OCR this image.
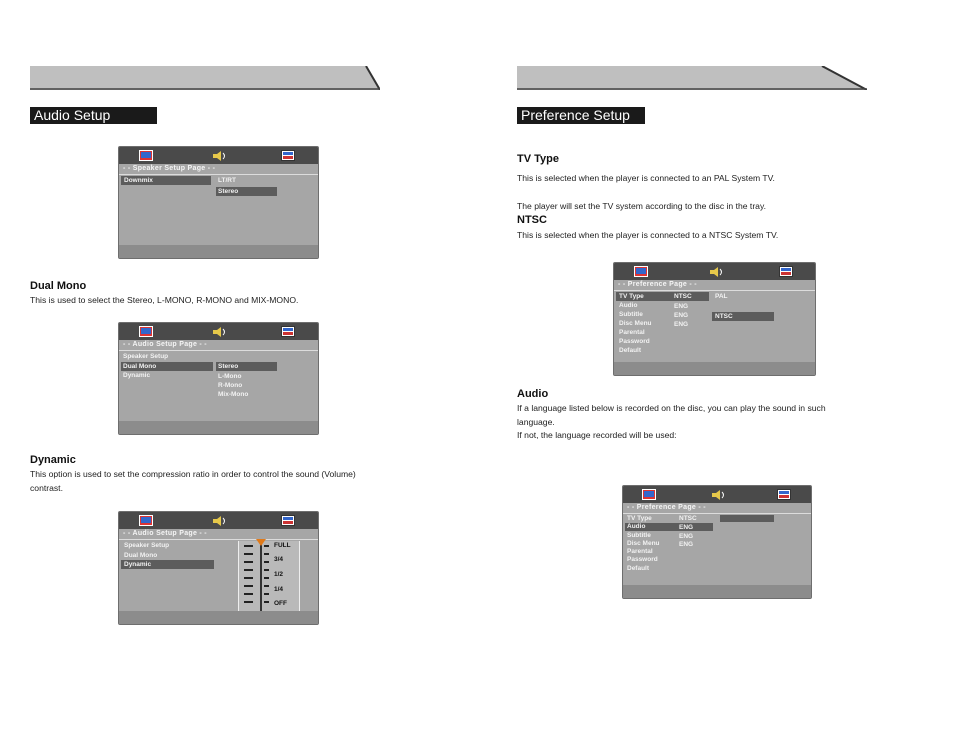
Audio Setup
- - Speaker Setup Page - -
Downmix	LT/RT
Stereo
Dual Mono
This is used to select the Stereo, L-MONO, R-MONO and MIX-MONO.
- - Audio Setup Page - -
Speaker Setup
Dual Mono
Dynamic
Stereo
L-Mono
R-Mono
Mix-Mono
Dynamic
This option is used to set the compression ratio in order to control the sound (Volume)
contrast.
- - Audio Setup Page - -
Speaker Setup
Dual Mono
Dynamic
FULL
3/4
1/2
1/4
OFF
Preference Setup
TV Type
This is selected when the player is connected to an PAL System TV.
The player will set the TV system according to the disc in the tray.
NTSC
This is selected when the player is connected to a NTSC System TV.
- - Preference Page - -
TV Type
Audio
Subtitle
Disc Menu
Parental
Password
Default
NTSC
ENG
ENG
ENG
PAL
NTSC
Audio
If a language listed below is recorded on the disc, you can play the sound in such
language.
If not, the language recorded will be used:
- - Preference Page - -
TV Type
Audio
Subtitle
Disc Menu
Parental
Password
Default
NTSC
ENG
ENG
ENG
